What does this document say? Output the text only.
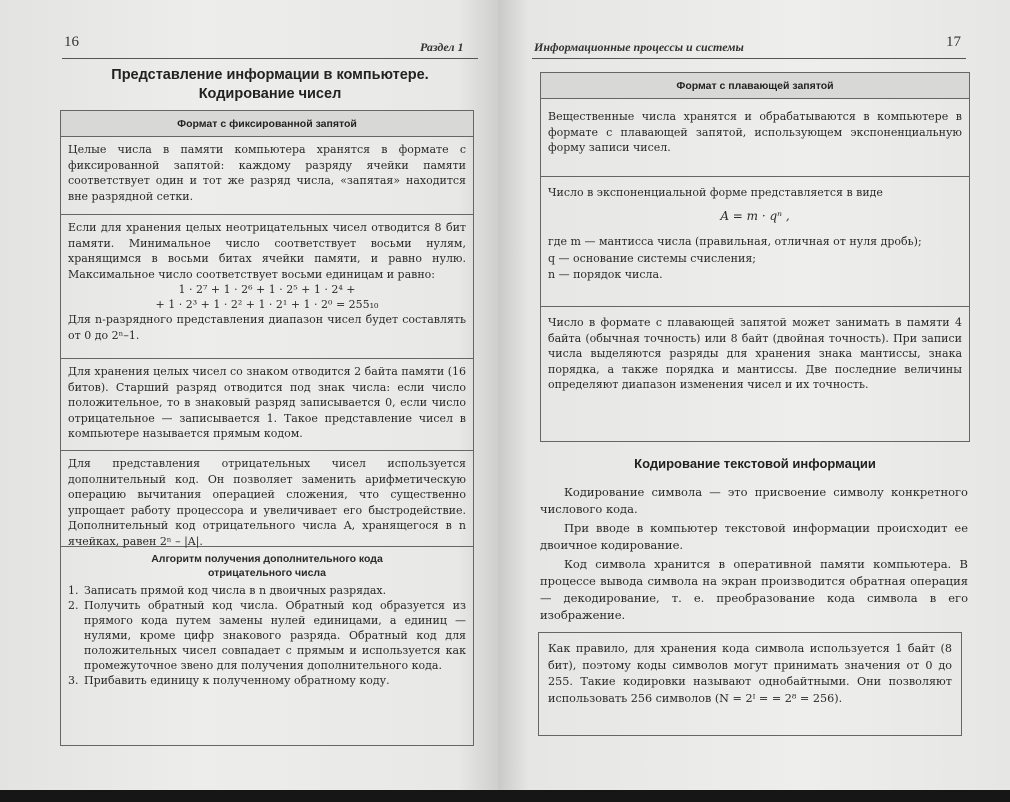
16	Раздел 1
Представление информации в компьютере.
Кодирование чисел
Формат с фиксированной запятой
Целые числа в памяти компьютера хранятся в формате с фиксированной запятой: каждому разряду ячейки памяти соответствует один и тот же разряд числа, «запятая» находится вне разрядной сетки.
Если для хранения целых неотрицательных чисел отводится 8 бит памяти. Минимальное число соответствует восьми нулям, хранящимся в восьми битах ячейки памяти, и равно нулю. Максимальное число соответствует восьми единицам и равно:
1 · 2⁷ + 1 · 2⁶ + 1 · 2⁵ + 1 · 2⁴ +
+ 1 · 2³ + 1 · 2² + 1 · 2¹ + 1 · 2⁰ = 255₁₀
Для n-разрядного представления диапазон чисел будет составлять от 0 до 2ⁿ–1.
Для хранения целых чисел со знаком отводится 2 байта памяти (16 битов). Старший разряд отводится под знак числа: если число положительное, то в знаковый разряд записывается 0, если число отрицательное — записывается 1. Такое представление чисел в компьютере называется прямым кодом.
Для представления отрицательных чисел используется дополнительный код. Он позволяет заменить арифметическую операцию вычитания операцией сложения, что существенно упрощает работу процессора и увеличивает его быстродействие. Дополнительный код отрицательного числа A, хранящегося в n ячейках, равен 2ⁿ – |A|.
Алгоритм получения дополнительного кода
отрицательного числа
1. Записать прямой код числа в n двоичных разрядах.
2. Получить обратный код числа. Обратный код образуется из прямого кода путем замены нулей единицами, а единиц — нулями, кроме цифр знакового разряда. Обратный код для положительных чисел совпадает с прямым и используется как промежуточное звено для получения дополнительного кода.
3. Прибавить единицу к полученному обратному коду.
Информационные процессы и системы	17
Формат с плавающей запятой
Вещественные числа хранятся и обрабатываются в компьютере в формате с плавающей запятой, использующем экспоненциальную форму записи чисел.
Число в экспоненциальной форме представляется в виде
A = m · qⁿ ,
где m — мантисса числа (правильная, отличная от нуля дробь);
q — основание системы счисления;
n — порядок числа.
Число в формате с плавающей запятой может занимать в памяти 4 байта (обычная точность) или 8 байт (двойная точность). При записи числа выделяются разряды для хранения знака мантиссы, знака порядка, а также порядка и мантиссы. Две последние величины определяют диапазон изменения чисел и их точность.
Кодирование текстовой информации
Кодирование символа — это присвоение символу конкретного числового кода.
При вводе в компьютер текстовой информации происходит ее двоичное кодирование.
Код символа хранится в оперативной памяти компьютера. В процессе вывода символа на экран производится обратная операция — декодирование, т. е. преобразование кода символа в его изображение.
Как правило, для хранения кода символа используется 1 байт (8 бит), поэтому коды символов могут принимать значения от 0 до 255. Такие кодировки называют однобайтными. Они позволяют использовать 256 символов (N = 2ᴵ = = 2⁸ = 256).
